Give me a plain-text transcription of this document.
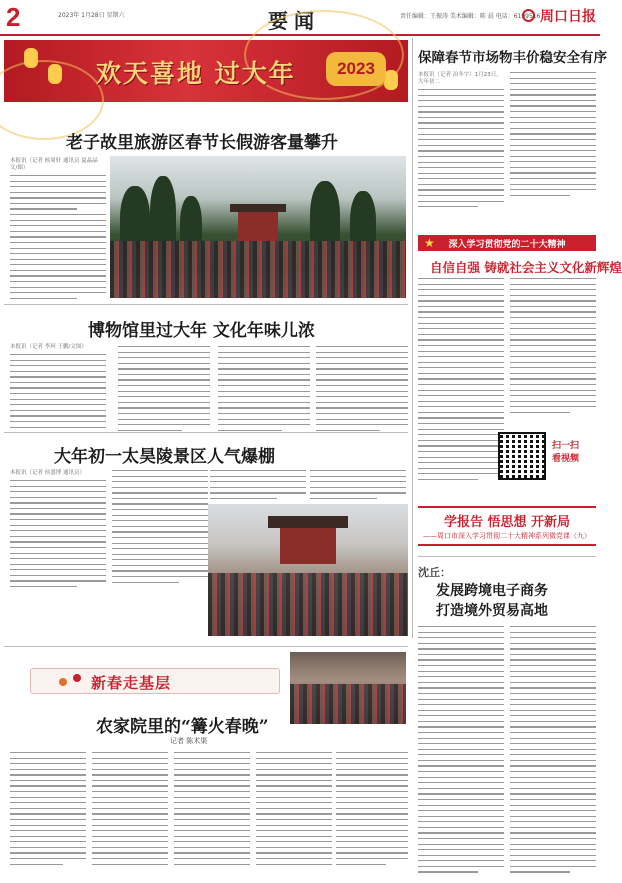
2	2023年 1月28日 星期六	要闻	责任编辑：王振涛 美术编辑：陈 晨 电话：6199516 周口日报
欢天喜地 过大年	2023
老子故里旅游区春节长假游客量攀升
本报讯（记者 候周轩 通讯员 夏晶晶 文/图）
博物馆里过大年 文化年味儿浓
本报讯（记者 李珂 王鹏/文图）
大年初一太昊陵景区人气爆棚
本报讯（记者 侯盛博 通讯员）
新春走基层
农家院里的“篝火春晚”
记者 陈术渠
保障春节市场物丰价稳安全有序
本报讯（记者 冶冬宇）1月23日，大年初二
深入学习贯彻党的二十大精神
★
自信自强 铸就社会主义文化新辉煌
扫一扫
看视频
学报告 悟思想 开新局
——周口市深入学习贯彻二十大精神系列微党课（九）
沈丘：
发展跨境电子商务
打造境外贸易高地
